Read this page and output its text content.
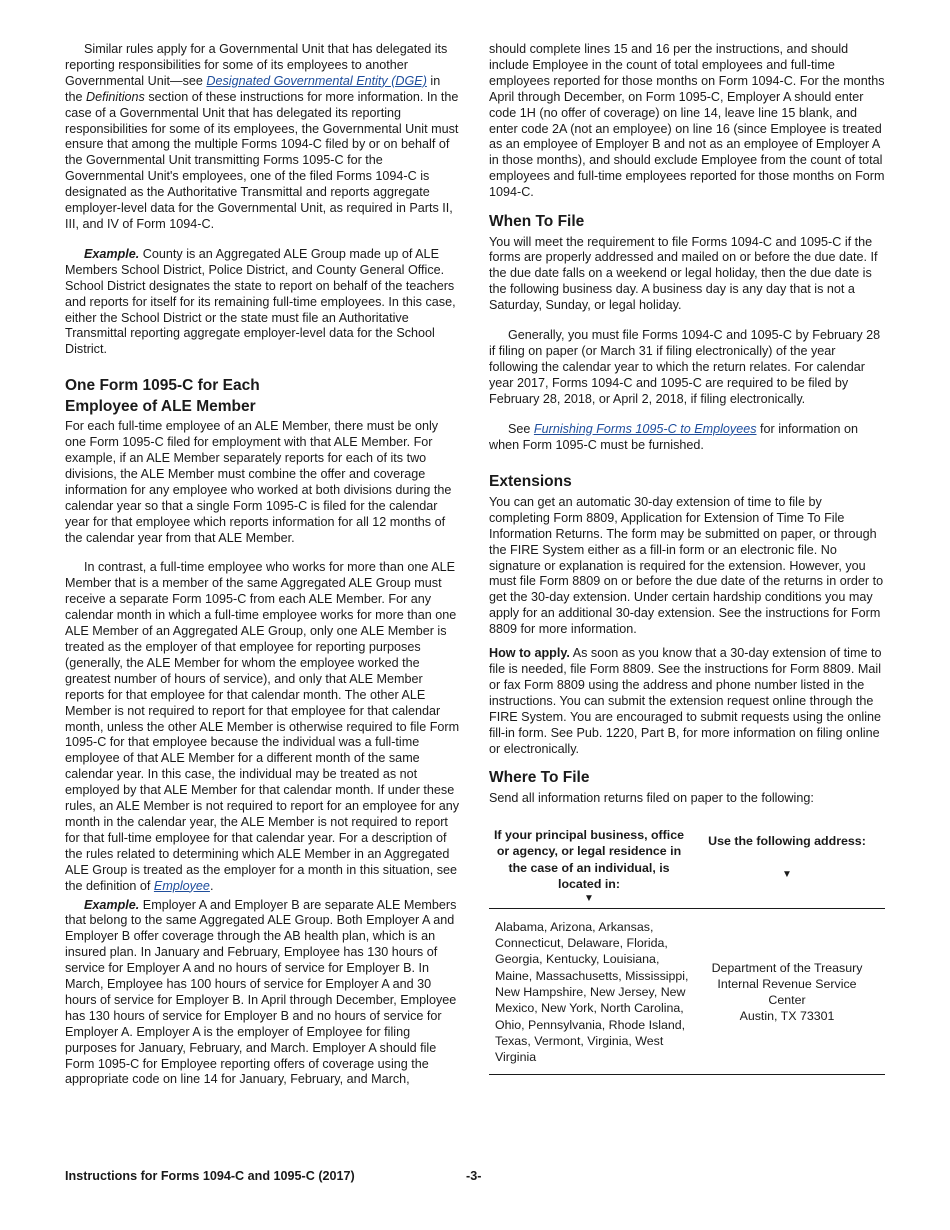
Similar rules apply for a Governmental Unit that has delegated its reporting responsibilities for some of its employees to another Governmental Unit—see Designated Governmental Entity (DGE) in the Definitions section of these instructions for more information. In the case of a Governmental Unit that has delegated its reporting responsibilities for some of its employees, the Governmental Unit must ensure that among the multiple Forms 1094-C filed by or on behalf of the Governmental Unit transmitting Forms 1095-C for the Governmental Unit's employees, one of the filed Forms 1094-C is designated as the Authoritative Transmittal and reports aggregate employer-level data for the Governmental Unit, as required in Parts II, III, and IV of Form 1094-C.

Example. County is an Aggregated ALE Group made up of ALE Members School District, Police District, and County General Office. School District designates the state to report on behalf of the teachers and reports for itself for its remaining full-time employees. In this case, either the School District or the state must file an Authoritative Transmittal reporting aggregate employer-level data for the School District.

One Form 1095-C for Each
Employee of ALE Member

For each full-time employee of an ALE Member, there must be only one Form 1095-C filed for employment with that ALE Member. For example, if an ALE Member separately reports for each of its two divisions, the ALE Member must combine the offer and coverage information for any employee who worked at both divisions during the calendar year so that a single Form 1095-C is filed for the calendar year for that employee which reports information for all 12 months of the calendar year from that ALE Member.

In contrast, a full-time employee who works for more than one ALE Member that is a member of the same Aggregated ALE Group must receive a separate Form 1095-C from each ALE Member. For any calendar month in which a full-time employee works for more than one ALE Member of an Aggregated ALE Group, only one ALE Member is treated as the employer of that employee for reporting purposes (generally, the ALE Member for whom the employee worked the greatest number of hours of service), and only that ALE Member reports for that employee for that calendar month. The other ALE Member is not required to report for that employee for that calendar month, unless the other ALE Member is otherwise required to file Form 1095-C for that employee because the individual was a full-time employee of that ALE Member for a different month of the same calendar year. In this case, the individual may be treated as not employed by that ALE Member for that calendar month. If under these rules, an ALE Member is not required to report for an employee for any month in the calendar year, the ALE Member is not required to report for that full-time employee for that calendar year. For a description of the rules related to determining which ALE Member in an Aggregated ALE Group is treated as the employer for a month in this situation, see the definition of Employee.

Example. Employer A and Employer B are separate ALE Members that belong to the same Aggregated ALE Group. Both Employer A and Employer B offer coverage through the AB health plan, which is an insured plan. In January and February, Employee has 130 hours of service for Employer A and no hours of service for Employer B. In March, Employee has 100 hours of service for Employer A and 30 hours of service for Employer B. In April through December, Employee has 130 hours of service for Employer B and no hours of service for Employer A. Employer A is the employer of Employee for filing purposes for January, February, and March. Employer A should file Form 1095-C for Employee reporting offers of coverage using the appropriate code on line 14 for January, February, and March,

should complete lines 15 and 16 per the instructions, and should include Employee in the count of total employees and full-time employees reported for those months on Form 1094-C. For the months April through December, on Form 1095-C, Employer A should enter code 1H (no offer of coverage) on line 14, leave line 15 blank, and enter code 2A (not an employee) on line 16 (since Employee is treated as an employee of Employer B and not as an employee of Employer A in those months), and should exclude Employee from the count of total employees and full-time employees reported for those months on Form 1094-C.

When To File

You will meet the requirement to file Forms 1094-C and 1095-C if the forms are properly addressed and mailed on or before the due date. If the due date falls on a weekend or legal holiday, then the due date is the following business day. A business day is any day that is not a Saturday, Sunday, or legal holiday.

Generally, you must file Forms 1094-C and 1095-C by February 28 if filing on paper (or March 31 if filing electronically) of the year following the calendar year to which the return relates. For calendar year 2017, Forms 1094-C and 1095-C are required to be filed by February 28, 2018, or April 2, 2018, if filing electronically.

See Furnishing Forms 1095-C to Employees for information on when Form 1095-C must be furnished.

Extensions

You can get an automatic 30-day extension of time to file by completing Form 8809, Application for Extension of Time To File Information Returns. The form may be submitted on paper, or through the FIRE System either as a fill-in form or an electronic file. No signature or explanation is required for the extension. However, you must file Form 8809 on or before the due date of the returns in order to get the 30-day extension. Under certain hardship conditions you may apply for an additional 30-day extension. See the instructions for Form 8809 for more information.

How to apply. As soon as you know that a 30-day extension of time to file is needed, file Form 8809. See the instructions for Form 8809. Mail or fax Form 8809 using the address and phone number listed in the instructions. You can submit the extension request online through the FIRE System. You are encouraged to submit requests using the online fill-in form. See Pub. 1220, Part B, for more information on filing online or electronically.

Where To File

Send all information returns filed on paper to the following:

If your principal business, office or agency, or legal residence in the case of an individual, is located in:
▼
Use the following address:
▼
Alabama, Arizona, Arkansas, Connecticut, Delaware, Florida, Georgia, Kentucky, Louisiana, Maine, Massachusetts, Mississippi, New Hampshire, New Jersey, New Mexico, New York, North Carolina, Ohio, Pennsylvania, Rhode Island, Texas, Vermont, Virginia, West Virginia
Department of the Treasury
Internal Revenue Service
Center
Austin, TX 73301
Instructions for Forms 1094-C and 1095-C (2017)	-3-
